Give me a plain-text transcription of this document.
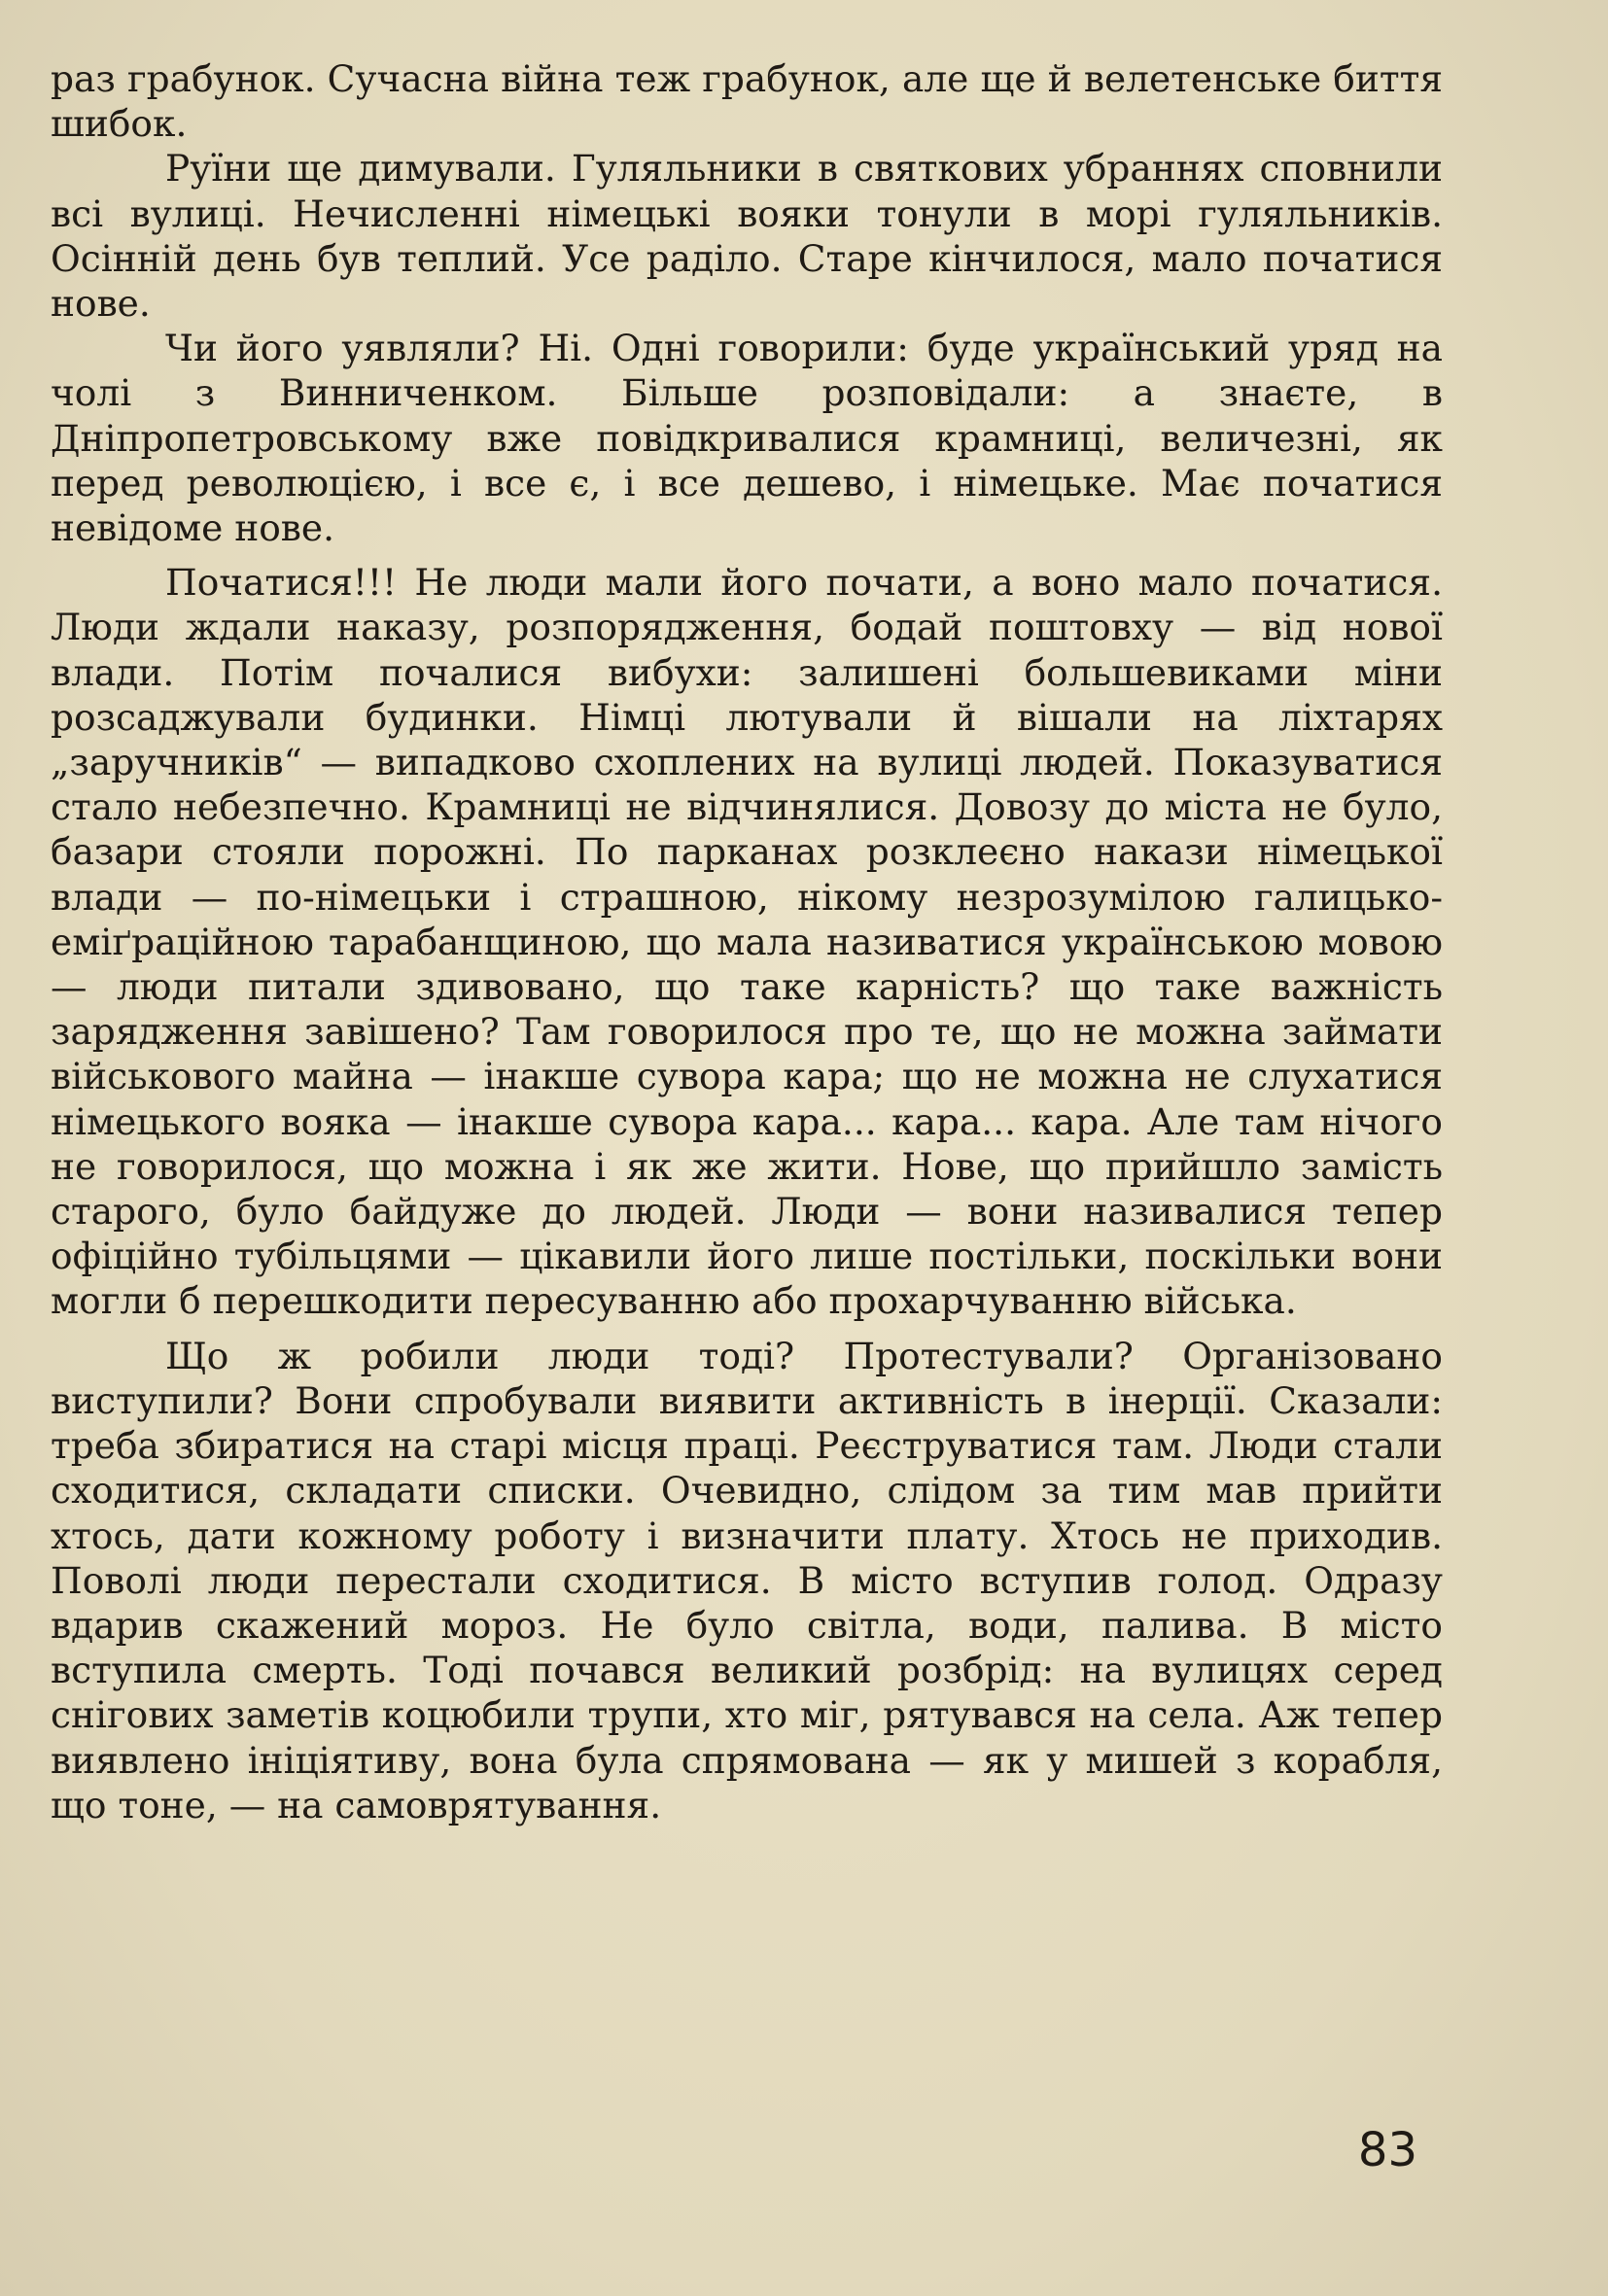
раз грабунок. Сучасна війна теж грабунок, але ще й велетенське биття шибок.

Руїни ще димували. Гуляльники в святкових убраннях сповнили всі вулиці. Нечисленні німецькі вояки тонули в морі гуляльників. Осінній день був теплий. Усе раділо. Старе кінчилося, мало початися нове.

Чи його уявляли? Ні. Одні говорили: буде український уряд на чолі з Винниченком. Більше розповідали: а знаєте, в Дніпропетровському вже повідкривалися крамниці, величезні, як перед революцією, і все є, і все дешево, і німецьке. Має початися невідоме нове.

Початися!!! Не люди мали його почати, а воно мало початися. Люди ждали наказу, розпорядження, бодай поштовху — від нової влади. Потім почалися вибухи: залишені большевиками міни розсаджували будинки. Німці лютували й вішали на ліхтарях „заручників“ — випадково схоплених на вулиці людей. Показуватися стало небезпечно. Крамниці не відчинялися. Довозу до міста не було, базари стояли порожні. По парканах розклеєно накази німецької влади — по-німецьки і страшною, нікому незрозумілою галицько-еміґраційною тарабанщиною, що мала називатися українською мовою — люди питали здивовано, що таке карність? що таке важність зарядження завішено? Там говорилося про те, що не можна займати військового майна — інакше сувора кара; що не можна не слухатися німецького вояка — інакше сувора кара... кара... кара. Але там нічого не говорилося, що можна і як же жити. Нове, що прийшло замість старого, було байдуже до людей. Люди — вони називалися тепер офіційно тубільцями — цікавили його лише постільки, поскільки вони могли б перешкодити пересуванню або прохарчуванню війська.

Що ж робили люди тоді? Протестували? Організовано виступили? Вони спробували виявити активність в інерції. Сказали: треба збиратися на старі місця праці. Реєструватися там. Люди стали сходитися, складати списки. Очевидно, слідом за тим мав прийти хтось, дати кожному роботу і визначити плату. Хтось не приходив. Поволі люди перестали сходитися. В місто вступив голод. Одразу вдарив скажений мороз. Не було світла, води, палива. В місто вступила смерть. Тоді почався великий розбрід: на вулицях серед снігових заметів коцюбили трупи, хто міг, рятувався на села. Аж тепер виявлено ініціятиву, вона була спрямована — як у мишей з корабля, що тоне, — на самоврятування.

83
